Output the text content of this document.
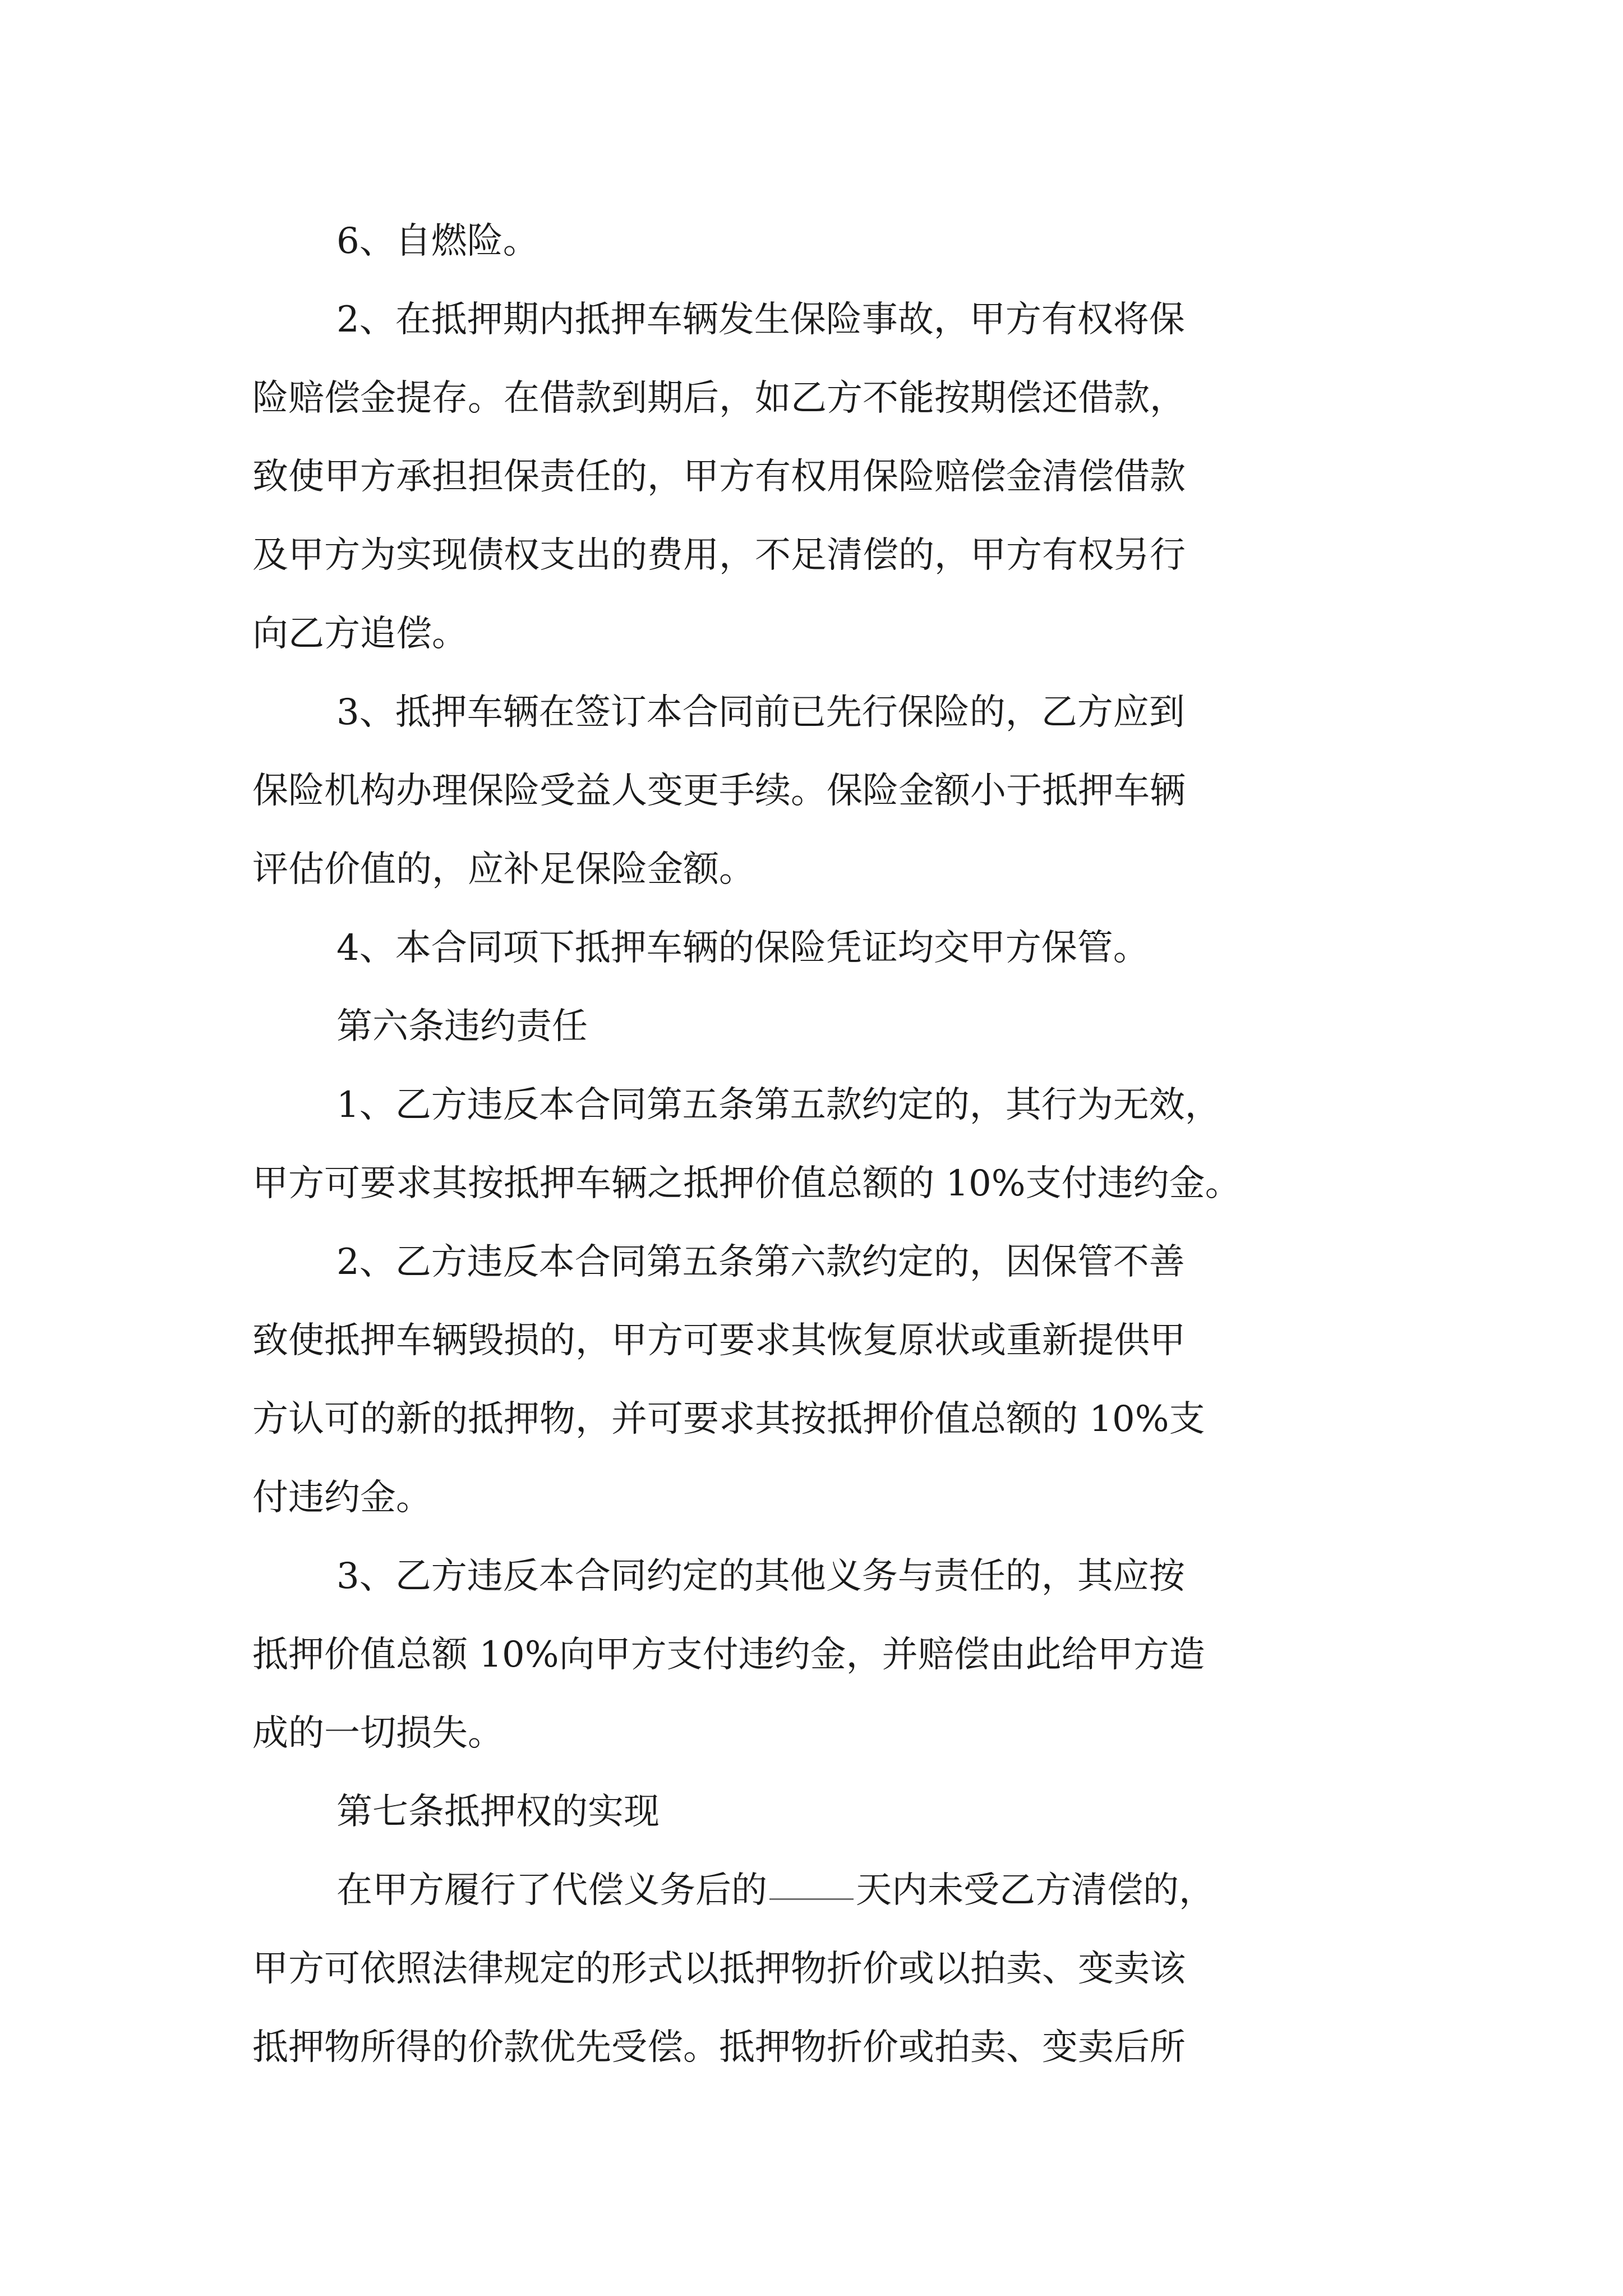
6、自燃险。
2、在抵押期内抵押车辆发生保险事故，甲方有权将保
险赔偿金提存。在借款到期后，如乙方不能按期偿还借款，
致使甲方承担担保责任的，甲方有权用保险赔偿金清偿借款
及甲方为实现债权支出的费用，不足清偿的，甲方有权另行
向乙方追偿。
3、抵押车辆在签订本合同前已先行保险的，乙方应到
保险机构办理保险受益人变更手续。保险金额小于抵押车辆
评估价值的，应补足保险金额。
4、本合同项下抵押车辆的保险凭证均交甲方保管。
第六条违约责任
1、乙方违反本合同第五条第五款约定的，其行为无效，
甲方可要求其按抵押车辆之抵押价值总额的 10%支付违约金。
2、乙方违反本合同第五条第六款约定的，因保管不善
致使抵押车辆毁损的，甲方可要求其恢复原状或重新提供甲
方认可的新的抵押物，并可要求其按抵押价值总额的 10%支
付违约金。
3、乙方违反本合同约定的其他义务与责任的，其应按
抵押价值总额 10%向甲方支付违约金，并赔偿由此给甲方造
成的一切损失。
第七条抵押权的实现
在甲方履行了代偿义务后的 天内未受乙方清偿的，
甲方可依照法律规定的形式以抵押物折价或以拍卖、变卖该
抵押物所得的价款优先受偿。抵押物折价或拍卖、变卖后所
